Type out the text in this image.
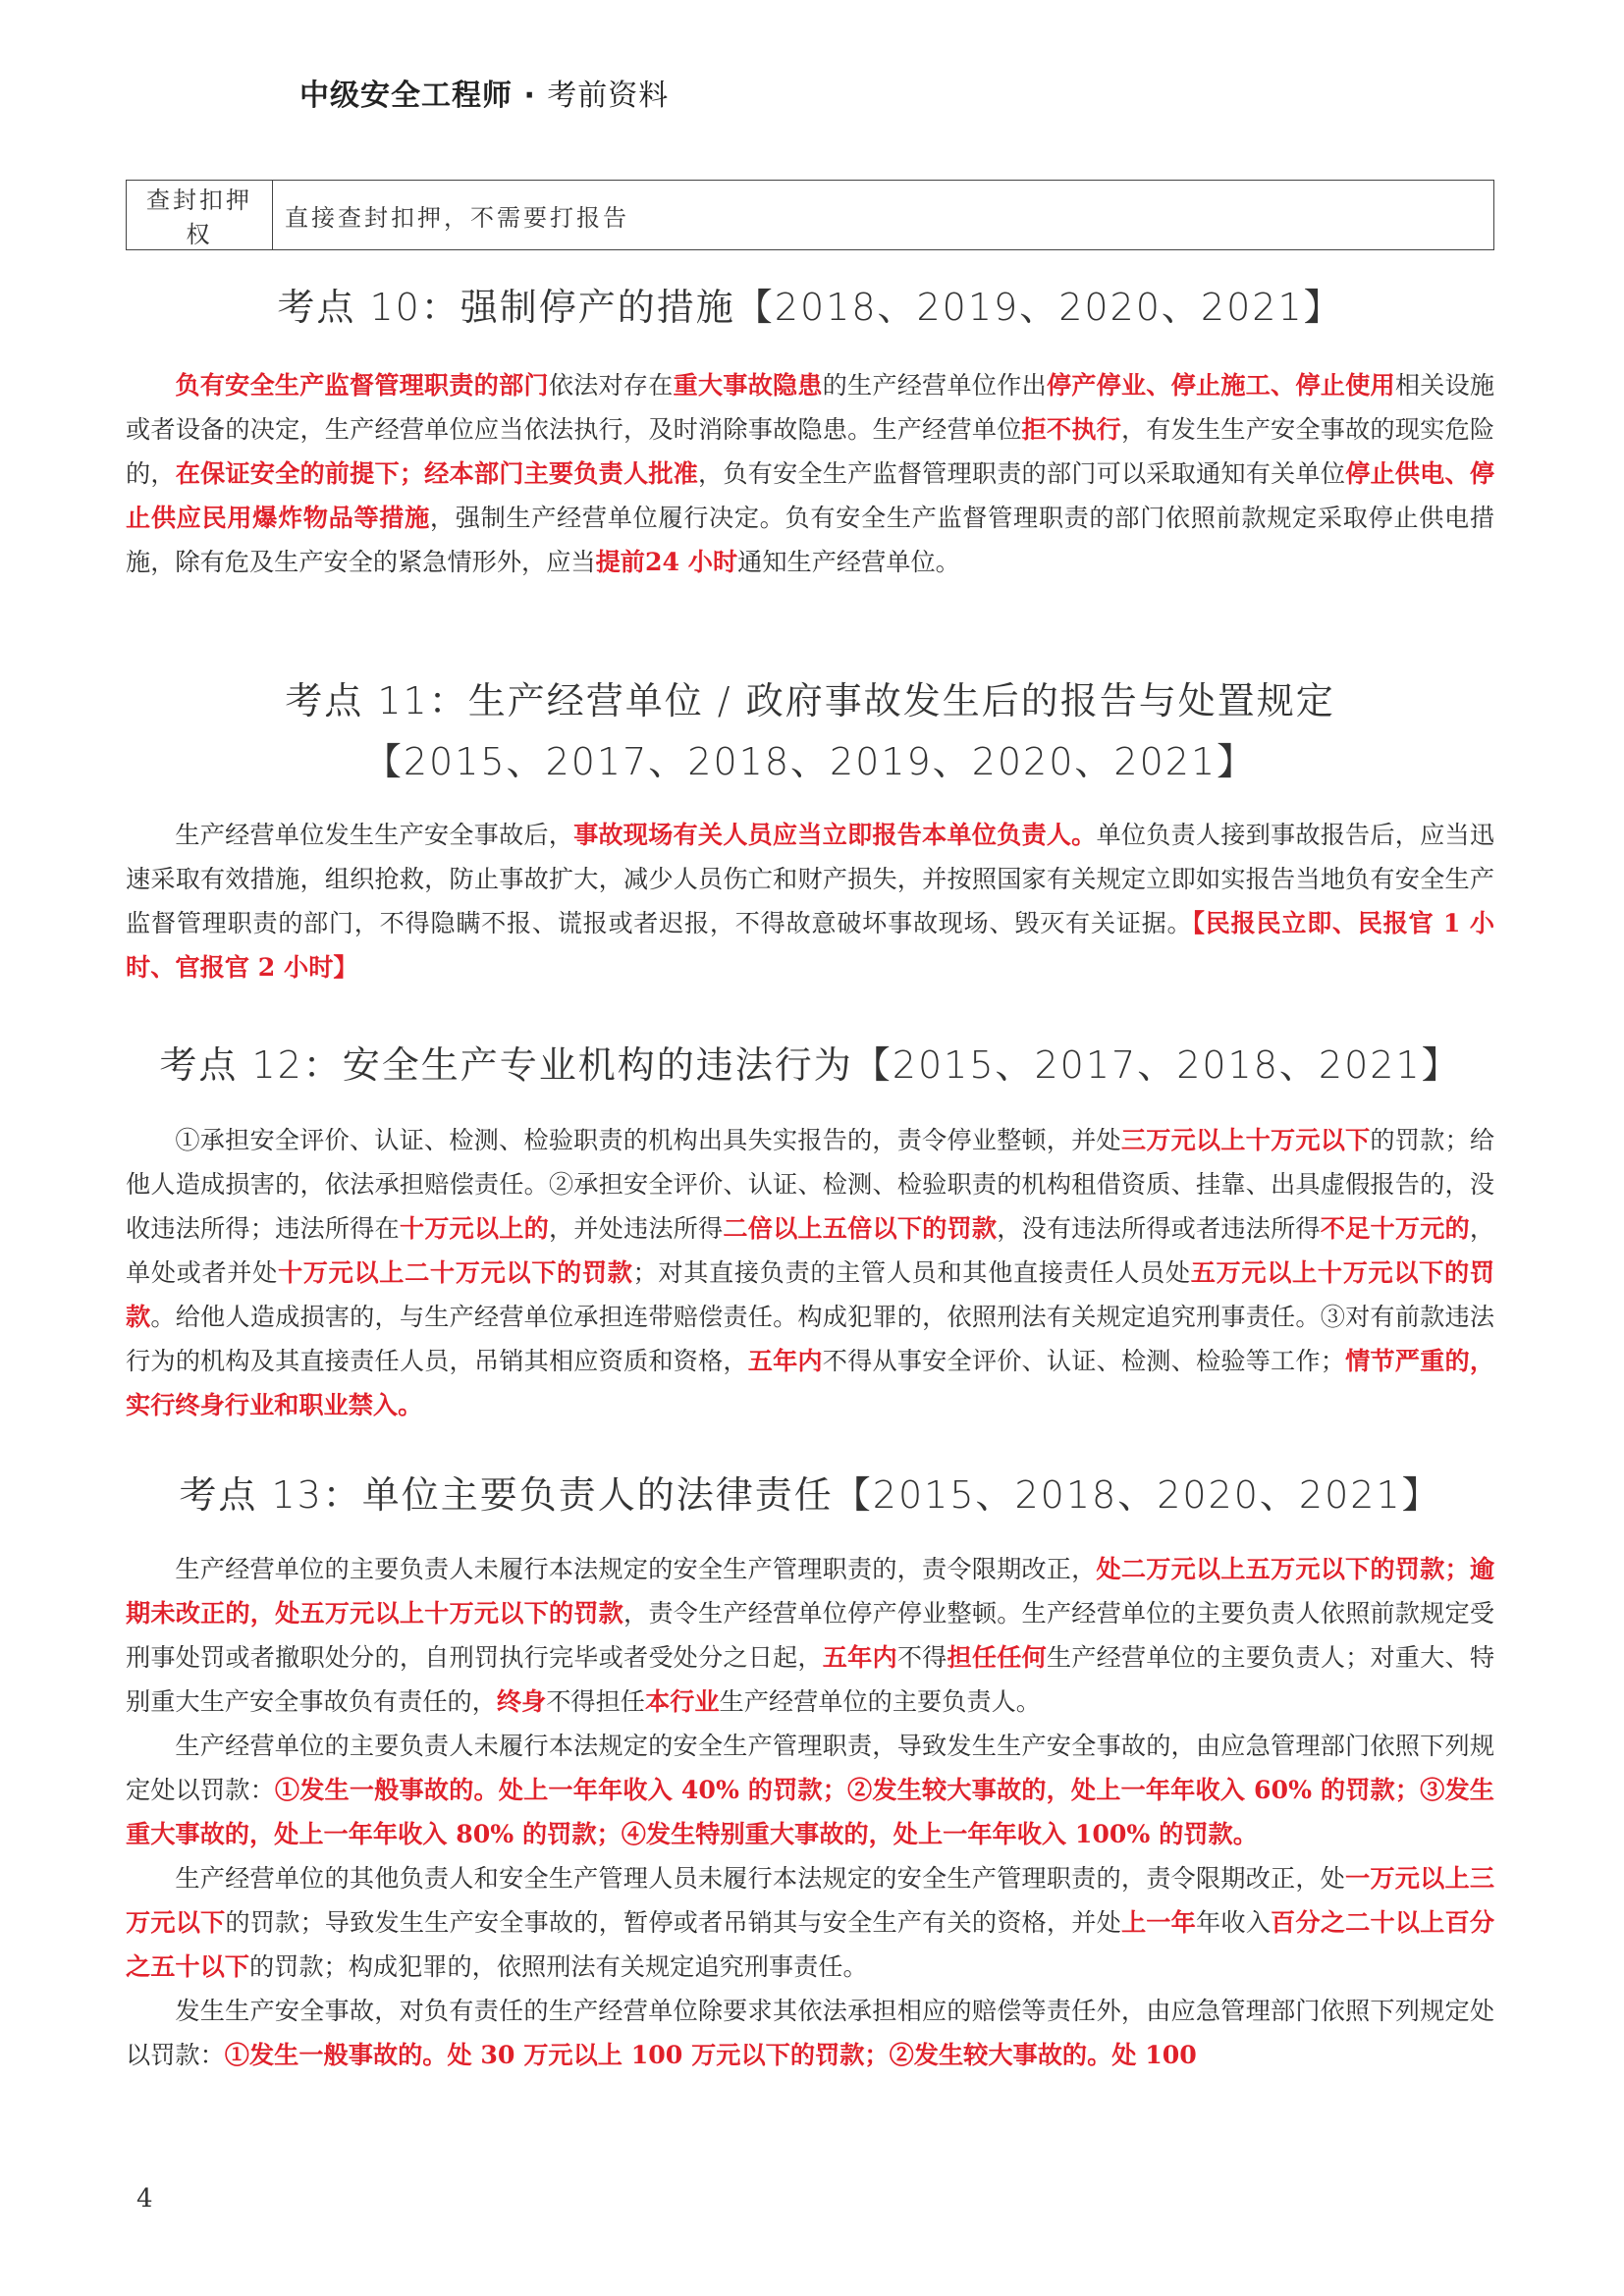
中级安全工程师 · 考前资料
查封扣押权	直接查封扣押，不需要打报告
考点 10：强制停产的措施【2018、2019、2020、2021】

负有安全生产监督管理职责的部门依法对存在重大事故隐患的生产经营单位作出停产停业、停止施工、停止使用相关设施或者设备的决定，生产经营单位应当依法执行，及时消除事故隐患。生产经营单位拒不执行，有发生生产安全事故的现实危险的，在保证安全的前提下；经本部门主要负责人批准，负有安全生产监督管理职责的部门可以采取通知有关单位停止供电、停止供应民用爆炸物品等措施，强制生产经营单位履行决定。负有安全生产监督管理职责的部门依照前款规定采取停止供电措施，除有危及生产安全的紧急情形外，应当提前24 小时通知生产经营单位。

考点 11：生产经营单位 / 政府事故发生后的报告与处置规定
【2015、2017、2018、2019、2020、2021】

生产经营单位发生生产安全事故后，事故现场有关人员应当立即报告本单位负责人。单位负责人接到事故报告后，应当迅速采取有效措施，组织抢救，防止事故扩大，减少人员伤亡和财产损失，并按照国家有关规定立即如实报告当地负有安全生产监督管理职责的部门，不得隐瞒不报、谎报或者迟报，不得故意破坏事故现场、毁灭有关证据。【民报民立即、民报官 1 小时、官报官 2 小时】

考点 12：安全生产专业机构的违法行为【2015、2017、2018、2021】

①承担安全评价、认证、检测、检验职责的机构出具失实报告的，责令停业整顿，并处三万元以上十万元以下的罚款；给他人造成损害的，依法承担赔偿责任。②承担安全评价、认证、检测、检验职责的机构租借资质、挂靠、出具虚假报告的，没收违法所得；违法所得在十万元以上的，并处违法所得二倍以上五倍以下的罚款，没有违法所得或者违法所得不足十万元的，单处或者并处十万元以上二十万元以下的罚款；对其直接负责的主管人员和其他直接责任人员处五万元以上十万元以下的罚款。给他人造成损害的，与生产经营单位承担连带赔偿责任。构成犯罪的，依照刑法有关规定追究刑事责任。③对有前款违法行为的机构及其直接责任人员，吊销其相应资质和资格，五年内不得从事安全评价、认证、检测、检验等工作；情节严重的，实行终身行业和职业禁入。

考点 13：单位主要负责人的法律责任【2015、2018、2020、2021】

生产经营单位的主要负责人未履行本法规定的安全生产管理职责的，责令限期改正，处二万元以上五万元以下的罚款；逾期未改正的，处五万元以上十万元以下的罚款，责令生产经营单位停产停业整顿。生产经营单位的主要负责人依照前款规定受刑事处罚或者撤职处分的，自刑罚执行完毕或者受处分之日起，五年内不得担任任何生产经营单位的主要负责人；对重大、特别重大生产安全事故负有责任的，终身不得担任本行业生产经营单位的主要负责人。

生产经营单位的主要负责人未履行本法规定的安全生产管理职责，导致发生生产安全事故的，由应急管理部门依照下列规定处以罚款：①发生一般事故的。处上一年年收入 40% 的罚款；②发生较大事故的，处上一年年收入 60% 的罚款；③发生重大事故的，处上一年年收入 80% 的罚款；④发生特别重大事故的，处上一年年收入 100% 的罚款。

生产经营单位的其他负责人和安全生产管理人员未履行本法规定的安全生产管理职责的，责令限期改正，处一万元以上三万元以下的罚款；导致发生生产安全事故的，暂停或者吊销其与安全生产有关的资格，并处上一年年收入百分之二十以上百分之五十以下的罚款；构成犯罪的，依照刑法有关规定追究刑事责任。

发生生产安全事故，对负有责任的生产经营单位除要求其依法承担相应的赔偿等责任外，由应急管理部门依照下列规定处以罚款：①发生一般事故的。处 30 万元以上 100 万元以下的罚款；②发生较大事故的。处 100

4
